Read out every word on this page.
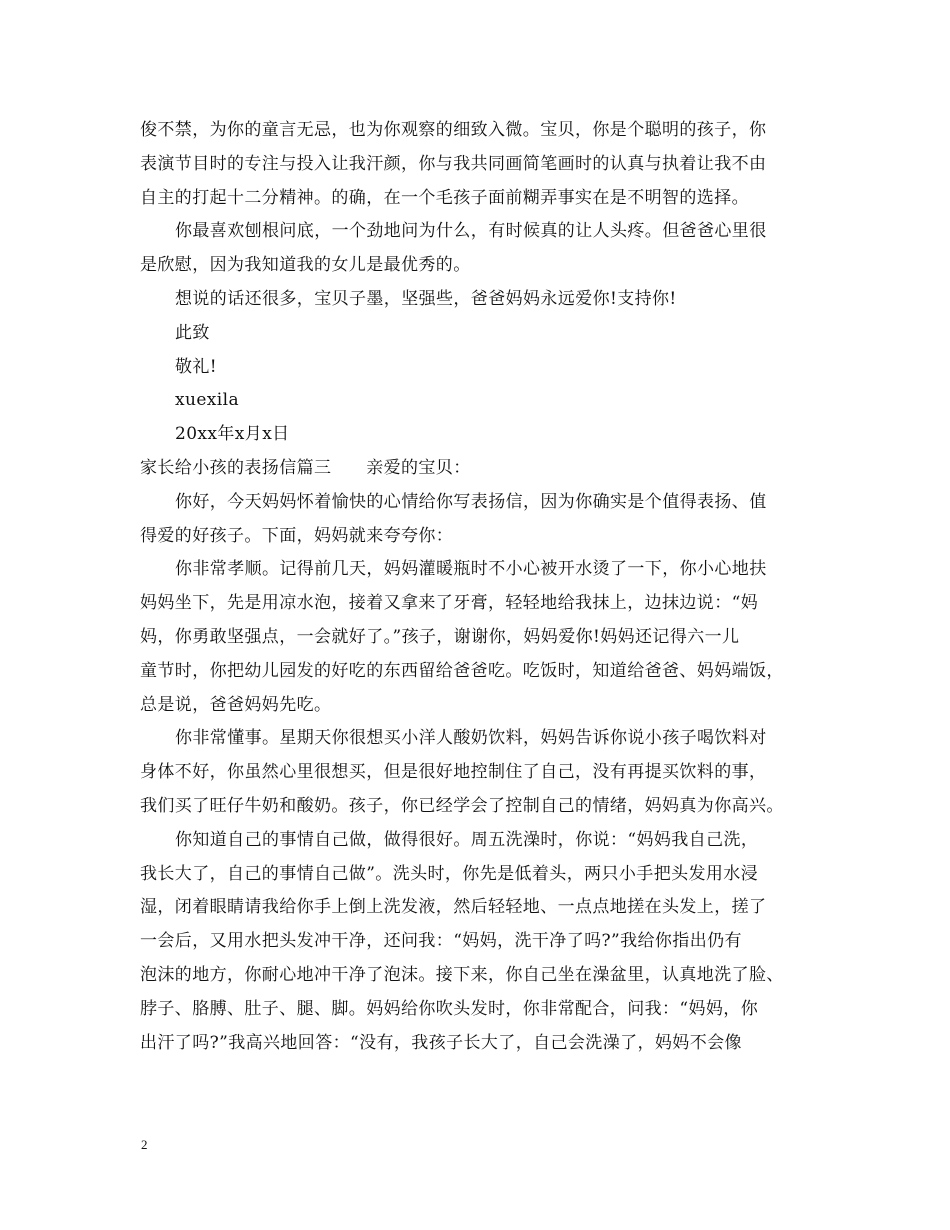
俊不禁，为你的童言无忌，也为你观察的细致入微。宝贝，你是个聪明的孩子，你
表演节目时的专注与投入让我汗颜，你与我共同画简笔画时的认真与执着让我不由
自主的打起十二分精神。的确，在一个毛孩子面前糊弄事实在是不明智的选择。
你最喜欢刨根问底，一个劲地问为什么，有时候真的让人头疼。但爸爸心里很
是欣慰，因为我知道我的女儿是最优秀的。
想说的话还很多，宝贝子墨，坚强些，爸爸妈妈永远爱你!支持你!
此致
敬礼!
xuexila
20xx年x月x日
家长给小孩的表扬信篇三　　亲爱的宝贝：
你好，今天妈妈怀着愉快的心情给你写表扬信，因为你确实是个值得表扬、值
得爱的好孩子。下面，妈妈就来夸夸你：
你非常孝顺。记得前几天，妈妈灌暖瓶时不小心被开水烫了一下，你小心地扶
妈妈坐下，先是用凉水泡，接着又拿来了牙膏，轻轻地给我抹上，边抹边说：“妈
妈，你勇敢坚强点，一会就好了。”孩子，谢谢你，妈妈爱你!妈妈还记得六一儿
童节时，你把幼儿园发的好吃的东西留给爸爸吃。吃饭时，知道给爸爸、妈妈端饭，
总是说，爸爸妈妈先吃。
你非常懂事。星期天你很想买小洋人酸奶饮料，妈妈告诉你说小孩子喝饮料对
身体不好，你虽然心里很想买，但是很好地控制住了自己，没有再提买饮料的事，
我们买了旺仔牛奶和酸奶。孩子，你已经学会了控制自己的情绪，妈妈真为你高兴。
你知道自己的事情自己做，做得很好。周五洗澡时，你说：“妈妈我自己洗，
我长大了，自己的事情自己做”。洗头时，你先是低着头，两只小手把头发用水浸
湿，闭着眼睛请我给你手上倒上洗发液，然后轻轻地、一点点地搓在头发上，搓了
一会后，又用水把头发冲干净，还问我：“妈妈，洗干净了吗?”我给你指出仍有
泡沫的地方，你耐心地冲干净了泡沫。接下来，你自己坐在澡盆里，认真地洗了脸、
脖子、胳膊、肚子、腿、脚。妈妈给你吹头发时，你非常配合，问我：“妈妈，你
出汗了吗?”我高兴地回答：“没有，我孩子长大了，自己会洗澡了，妈妈不会像
2
